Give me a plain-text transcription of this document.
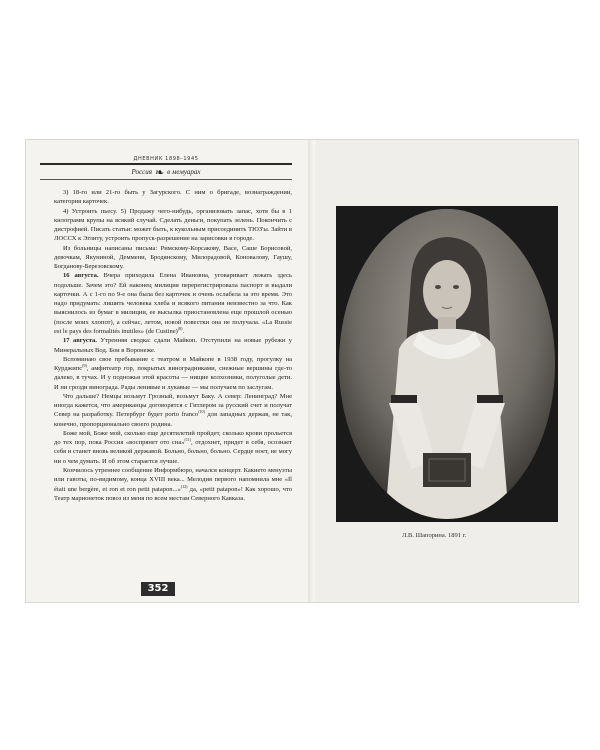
ДНЕВНИК 1898–1945
Россия ❧ в мемуарах

3) 18-го или 21-го быть у Загурского. С ним о бригаде, вознаграждении, категория карточек.

4) Устроить пьесу. 5) Продажу чего-нибудь, организовать запас, хотя бы в 1 килограмм крупы на всякий случай. Сделать деньги, покупать зелень. Покончить с дистрофией. Писать статьи: может быть, к кукольным присоединить ТЮЗ'ы. Зайти в ЛОССХ к Эглиту, устроить пропуск-разрешение на зарисовки в городе.

Из больницы написаны письма: Римскому-Корсакову, Васе, Саше Борисовой, девочкам, Якуниной, Деммени, Бродянскому, Милорадовой, Коновалову, Гаушу, Богданову-Березовскому.

16 августа. Вчера приходила Елена Ивановна, уговаривает лежать здесь подольше. Зачем это? Ей наконец милиция перерегистрировала паспорт и выдали карточки. А с 1-го по 9-е она была без карточек и очень ослабела за это время. Это надо придумать: лишить человека хлеба и всякого питания неизвестно за что. Как выяснилось из бумаг в милиции, ее высылка приостановлена еще прошлой осенью (после моих хлопот), а сейчас, летом, новой повестки она не получала. «La Russie est le pays des formalités inutiles» (de Custine)$^{(8)}$.

17 августа. Утренняя сводка: сдали Майкоп. Отступили на новые рубежи у Минеральных Вод. Бои в Воронеже.

Вспоминаю свое пребывание с театром в Майкопе в 1938 году, прогулку на Курджипс$^{(9)}$, амфитеатр гор, покрытых виноградниками, снежные вершины где-то далеко, в тучах. И у подножья этой красоты — нищие колхозники, полуголые дети. И ни грозди винограда. Рады ленивые и лукавые — мы получаем по заслугам.

Что дальше? Немцы возьмут Грозный, возьмут Баку. А север: Ленинград? Мне иногда кажется, что американцы договорятся с Гитлером за русский счет и получат Север на разработку. Петербург будет porto franco$^{(10)}$ для западных держав, не так, конечно, пропорционально своего родина.

Боже мой, Боже мой, сколько еще десятилетий пройдет, сколько крови прольется до тех пор, пока Россия «воспрянет ото сна»$^{(11)}$, отдохнет, придет в себя, осознает себя и станет вновь великой державой. Больно, больно, больно. Сердце ноет, не могу ни о чем думать. И об этом старается лучше.

Кончилось утреннее сообщение Информбюро, начался концерт. Какието менуэты или гавоты, по-видимому, конца XVIII века... Мелодия первого напомнила мне «Il était une bergère, et ron et ron petit patapon...»$^{(12)}$ да, «petit patapon»! Как хорошо, что Театр марионеток повоз из меня по всем местам Северного Кавказа.

352
Л.В. Шапорина. 1891 г.
